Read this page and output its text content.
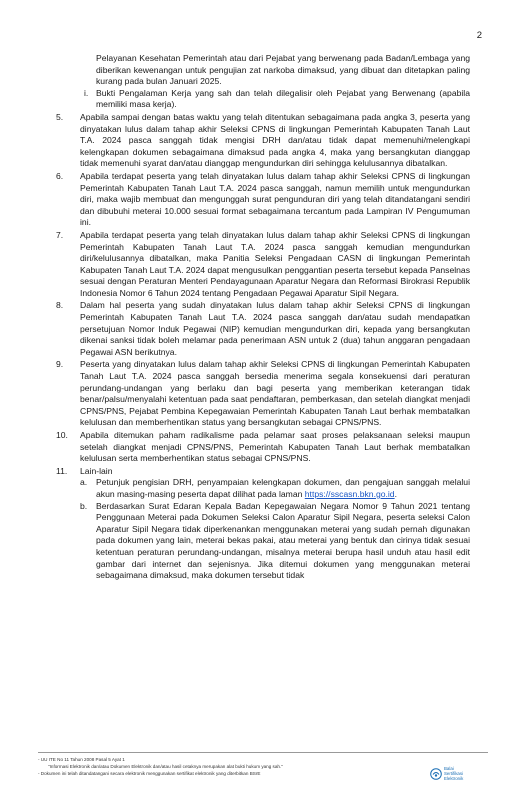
2

Pelayanan Kesehatan Pemerintah atau dari Pejabat yang berwenang pada Badan/Lembaga yang diberikan kewenangan untuk pengujian zat narkoba dimaksud, yang dibuat dan ditetapkan paling kurang pada bulan Januari 2025.

i. Bukti Pengalaman Kerja yang sah dan telah dilegalisir oleh Pejabat yang Berwenang (apabila memiliki masa kerja).
5.	Apabila sampai dengan batas waktu yang telah ditentukan sebagaimana pada angka 3, peserta yang dinyatakan lulus dalam tahap akhir Seleksi CPNS di lingkungan Pemerintah Kabupaten Tanah Laut T.A. 2024 pasca sanggah tidak mengisi DRH dan/atau tidak dapat memenuhi/melengkapi kelengkapan dokumen sebagaimana dimaksud pada angka 4, maka yang bersangkutan dianggap tidak memenuhi syarat dan/atau dianggap mengundurkan diri sehingga kelulusannya dibatalkan.
6.	Apabila terdapat peserta yang telah dinyatakan lulus dalam tahap akhir Seleksi CPNS di lingkungan Pemerintah Kabupaten Tanah Laut T.A. 2024 pasca sanggah, namun memilih untuk mengundurkan diri, maka wajib membuat dan mengunggah surat pengunduran diri yang telah ditandatangani sendiri dan dibubuhi meterai 10.000 sesuai format sebagaimana tercantum pada Lampiran IV Pengumuman ini.
7.	Apabila terdapat peserta yang telah dinyatakan lulus dalam tahap akhir Seleksi CPNS di lingkungan Pemerintah Kabupaten Tanah Laut T.A. 2024 pasca sanggah kemudian mengundurkan diri/kelulusannya dibatalkan, maka Panitia Seleksi Pengadaan CASN di lingkungan Pemerintah Kabupaten Tanah Laut T.A. 2024 dapat mengusulkan penggantian peserta tersebut kepada Panselnas sesuai dengan Peraturan Menteri Pendayagunaan Aparatur Negara dan Reformasi Birokrasi Republik Indonesia Nomor 6 Tahun 2024 tentang Pengadaan Pegawai Aparatur Sipil Negara.
8.	Dalam hal peserta yang sudah dinyatakan lulus dalam tahap akhir Seleksi CPNS di lingkungan Pemerintah Kabupaten Tanah Laut T.A. 2024 pasca sanggah dan/atau sudah mendapatkan persetujuan Nomor Induk Pegawai (NIP) kemudian mengundurkan diri, kepada yang bersangkutan dikenai sanksi tidak boleh melamar pada penerimaan ASN untuk 2 (dua) tahun anggaran pengadaan Pegawai ASN berikutnya.
9.	Peserta yang dinyatakan lulus dalam tahap akhir Seleksi CPNS di lingkungan Pemerintah Kabupaten Tanah Laut T.A. 2024 pasca sanggah bersedia menerima segala konsekuensi dari peraturan perundang-undangan yang berlaku dan bagi peserta yang memberikan keterangan tidak benar/palsu/menyalahi ketentuan pada saat pendaftaran, pemberkasan, dan setelah diangkat menjadi CPNS/PNS, Pejabat Pembina Kepegawaian Pemerintah Kabupaten Tanah Laut berhak membatalkan kelulusan dan memberhentikan status yang bersangkutan sebagai CPNS/PNS.
10.	Apabila ditemukan paham radikalisme pada pelamar saat proses pelaksanaan seleksi maupun setelah diangkat menjadi CPNS/PNS, Pemerintah Kabupaten Tanah Laut berhak membatalkan kelulusan serta memberhentikan status sebagai CPNS/PNS.
11.	Lain-lain

a.	Petunjuk pengisian DRH, penyampaian kelengkapan dokumen, dan pengajuan sanggah melalui akun masing-masing peserta dapat dilihat pada laman https://sscasn.bkn.go.id.
b.	Berdasarkan Surat Edaran Kepala Badan Kepegawaian Negara Nomor 9 Tahun 2021 tentang Penggunaan Meterai pada Dokumen Seleksi Calon Aparatur Sipil Negara, peserta seleksi Calon Aparatur Sipil Negara tidak diperkenankan menggunakan meterai yang sudah pernah digunakan pada dokumen yang lain, meterai bekas pakai, atau meterai yang bentuk dan cirinya tidak sesuai ketentuan peraturan perundang-undangan, misalnya meterai berupa hasil unduh atau hasil edit gambar dari internet dan sejenisnya. Jika ditemui dokumen yang menggunakan meterai sebagaimana dimaksud, maka dokumen tersebut tidak
- UU ITE No 11 Tahun 2008 Pasal 5 Ayat 1
"Informasi Elektronik dan/atau Dokumen Elektronik dan/atau hasil cetaknya merupakan alat bukti hukum yang sah."
- Dokumen ini telah ditandatangani secara elektronik menggunakan sertifikat elektronik yang diterbitkan BSrE
Balai
Sertifikasi
Elektronik
